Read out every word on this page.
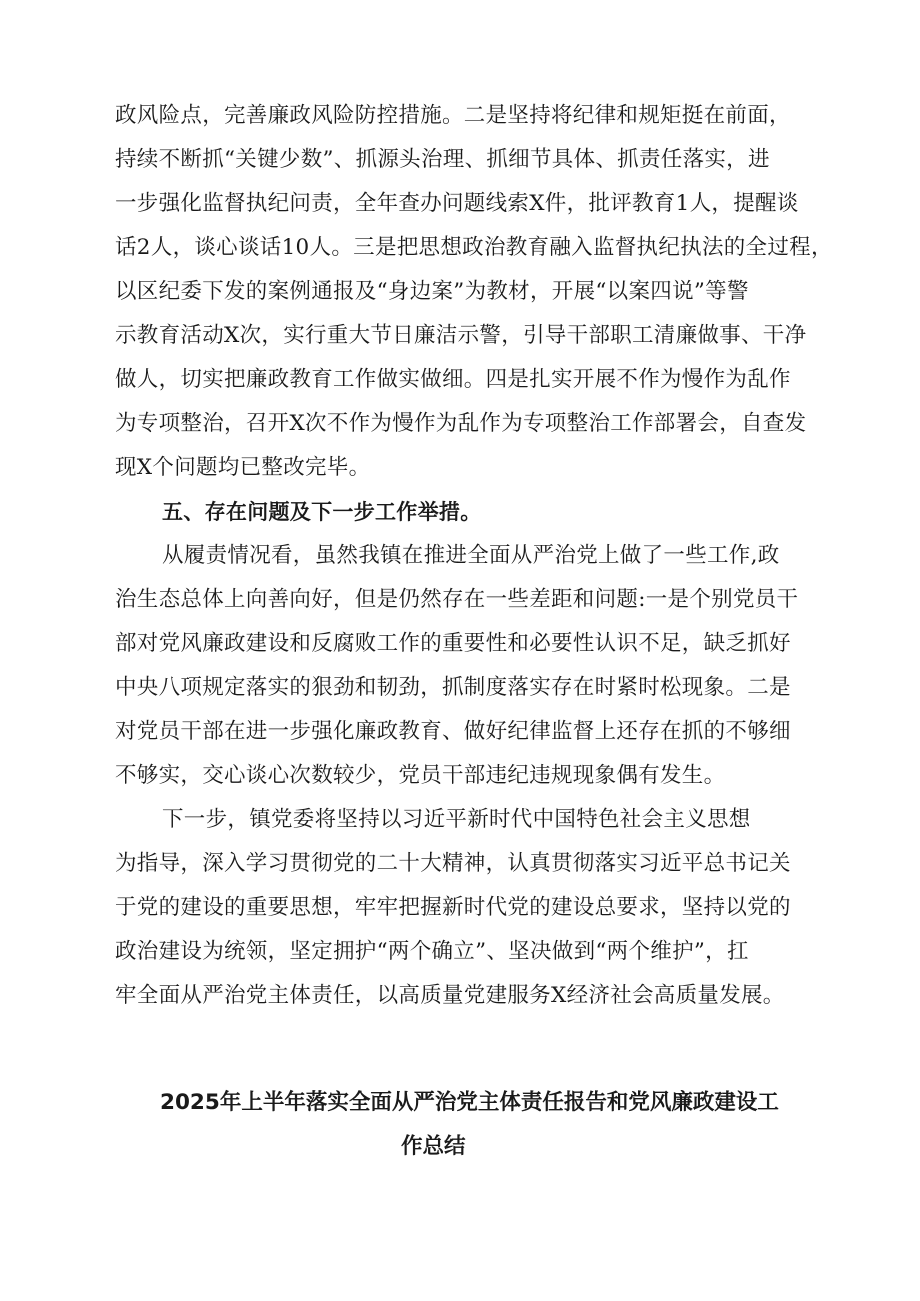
政风险点，完善廉政风险防控措施。二是坚持将纪律和规矩挺在前面，
持续不断抓“关键少数”、抓源头治理、抓细节具体、抓责任落实，进
一步强化监督执纪问责，全年查办问题线索X件，批评教育1人，提醒谈
话2人，谈心谈话10人。三是把思想政治教育融入监督执纪执法的全过程，
以区纪委下发的案例通报及“身边案”为教材，开展“以案四说”等警
示教育活动X次，实行重大节日廉洁示警，引导干部职工清廉做事、干净
做人，切实把廉政教育工作做实做细。四是扎实开展不作为慢作为乱作
为专项整治，召开X次不作为慢作为乱作为专项整治工作部署会，自查发
现X个问题均已整改完毕。
五、存在问题及下一步工作举措。
从履责情况看，虽然我镇在推进全面从严治党上做了一些工作,政
治生态总体上向善向好，但是仍然存在一些差距和问题:一是个别党员干
部对党风廉政建设和反腐败工作的重要性和必要性认识不足，缺乏抓好
中央八项规定落实的狠劲和韧劲，抓制度落实存在时紧时松现象。二是
对党员干部在进一步强化廉政教育、做好纪律监督上还存在抓的不够细
不够实，交心谈心次数较少，党员干部违纪违规现象偶有发生。
下一步，镇党委将坚持以习近平新时代中国特色社会主义思想
为指导，深入学习贯彻党的二十大精神，认真贯彻落实习近平总书记关
于党的建设的重要思想，牢牢把握新时代党的建设总要求，坚持以党的
政治建设为统领，坚定拥护“两个确立”、坚决做到“两个维护”，扛
牢全面从严治党主体责任，以高质量党建服务X经济社会高质量发展。
2025年上半年落实全面从严治党主体责任报告和党风廉政建设工
作总结
